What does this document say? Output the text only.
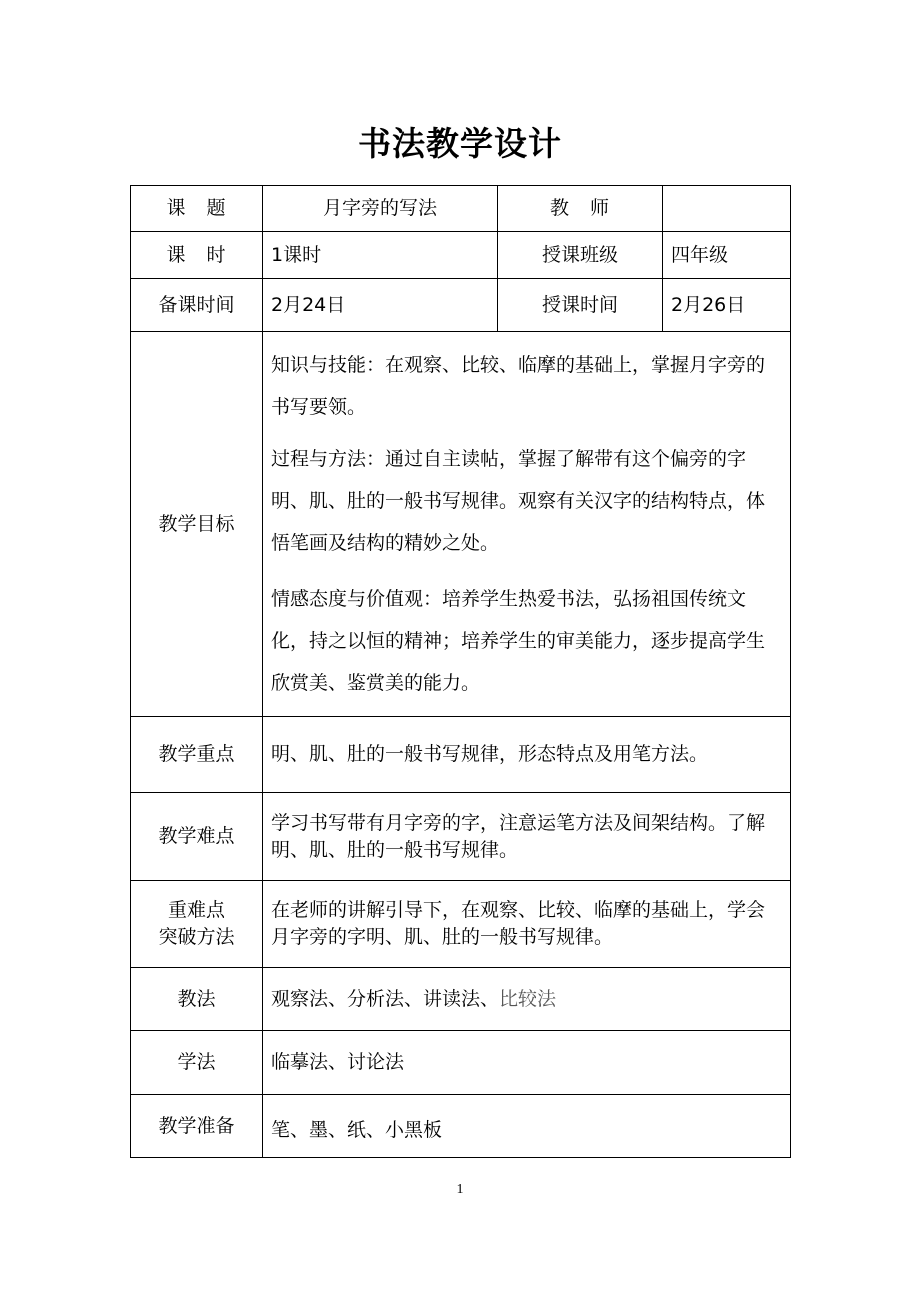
书法教学设计
课　题	月字旁的写法	教　师	
课　时	1课时	授课班级	四年级
备课时间	2月24日	授课时间	2月26日
教学目标	知识与技能：在观察、比较、临摩的基础上，掌握月字旁的书写要领。

过程与方法：通过自主读帖，掌握了解带有这个偏旁的字明、肌、肚的一般书写规律。观察有关汉字的结构特点，体悟笔画及结构的精妙之处。

情感态度与价值观：培养学生热爱书法，弘扬祖国传统文化，持之以恒的精神；培养学生的审美能力，逐步提高学生欣赏美、鉴赏美的能力。		

教学重点	明、肌、肚的一般书写规律，形态特点及用笔方法。		
教学难点	学习书写带有月字旁的字，注意运笔方法及间架结构。了解明、肌、肚的一般书写规律。		

重难点
突破方法	在老师的讲解引导下，在观察、比较、临摩的基础上，学会月字旁的字明、肌、肚的一般书写规律。		
教法	观察法、分析法、讲读法、比较法		
学法	临摹法、讨论法		
教学准备	笔、墨、纸、小黑板		
1
